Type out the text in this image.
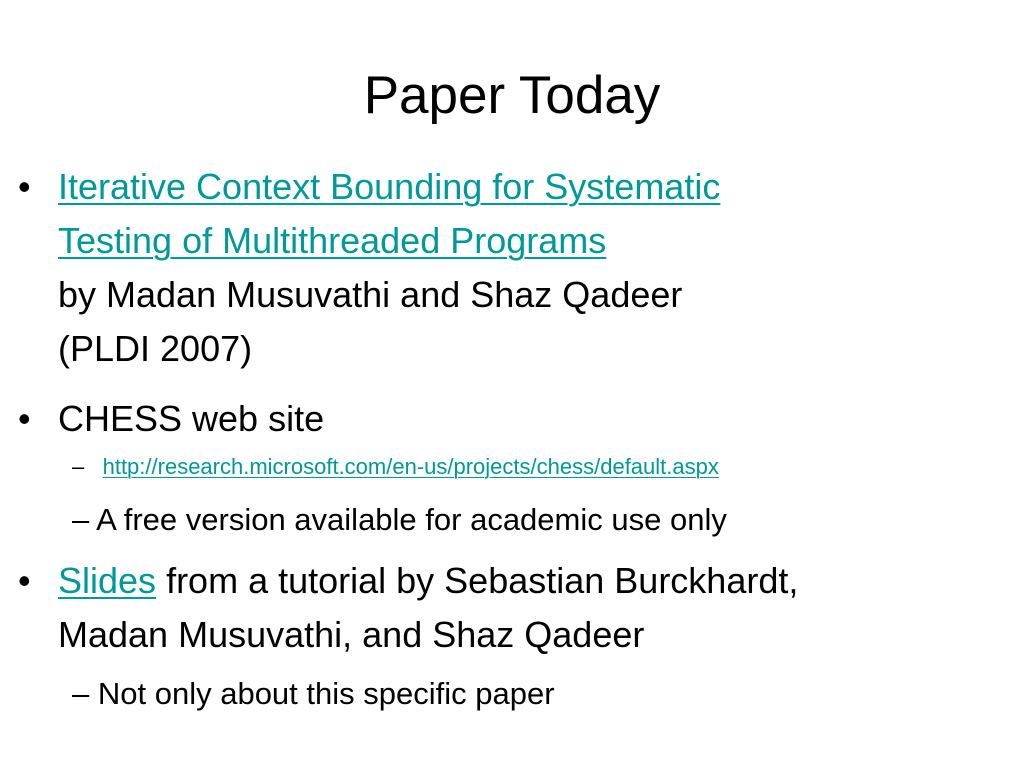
Paper Today
• Iterative Context Bounding for Systematic
Testing of Multithreaded Programs
by Madan Musuvathi and Shaz Qadeer
(PLDI 2007)
• CHESS web site
– http://research.microsoft.com/en-us/projects/chess/default.aspx
– A free version available for academic use only
• Slides from a tutorial by Sebastian Burckhardt,
Madan Musuvathi, and Shaz Qadeer
– Not only about this specific paper
